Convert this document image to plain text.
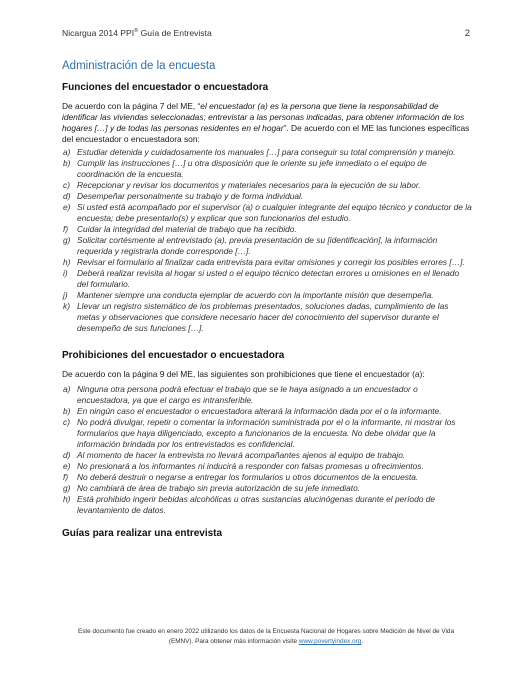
Nicargua 2014 PPI® Guía de Entrevista	2
Administración de la encuesta
Funciones del encuestador o encuestadora

De acuerdo con la página 7 del ME, “el encuestador (a) es la persona que tiene la responsabilidad de identificar las viviendas seleccionadas; entrevistar a las personas indicadas, para obtener información de los hogares […] y de todas las personas residentes en el hogar”. De acuerdo con el ME las funciones específicas del encuestador o encuestadora son:

a) Estudiar detenida y cuidadosamente los manuales […] para conseguir su total comprensión y manejo.
b) Cumplir las instrucciones […] u otra disposición que le oriente su jefe inmediato o el equipo de coordinación de la encuesta.
c) Recepcionar y revisar los documentos y materiales necesarios para la ejecución de su labor.
d) Desempeñar personalmente su trabajo y de forma individual.
e) Si usted está acompañado por el supervisor (a) o cualquier integrante del equipo técnico y conductor de la encuesta; debe presentarlo(s) y explicar que son funcionarios del estudio.
f)	Cuidar la integridad del material de trabajo que ha recibido.
g) Solicitar cortésmente al entrevistado (a), previa presentación de su [identificación], la información requerida y registrarla donde corresponde […].
h) Revisar el formulario al finalizar cada entrevista para evitar omisiones y corregir los posibles errores […].
i)	Deberá realizar revisita al hogar si usted o el equipo técnico detectan errores u omisiones en el llenado del formulario.
j)	Mantener siempre una conducta ejemplar de acuerdo con la importante misión que desempeña.
k) Llevar un registro sistemático de los problemas presentados, soluciones dadas, cumplimiento de las metas y observaciones que considere necesario hacer del conocimiento del supervisor durante el desempeño de sus funciones […].
Prohibiciones del encuestador o encuestadora

De acuerdo con la página 9 del ME, las siguientes son prohibiciones que tiene el encuestador (a):

a) Ninguna otra persona podrá efectuar el trabajo que se le haya asignado a un encuestador o encuestadora, ya que el cargo es intransferible.
b) En ningún caso el encuestador o encuestadora alterará la información dada por el o la informante.
c) No podrá divulgar, repetir o comentar la información suministrada por el o la informante, ni mostrar los formularios que haya diligenciado, excepto a funcionarios de la encuesta. No debe olvidar que la información brindada por los entrevistados es confidencial.
d) Al momento de hacer la entrevista no llevará acompañantes ajenos al equipo de trabajo.
e) No presionará a los informantes ni inducirá a responder con falsas promesas u ofrecimientos.
f)	No deberá destruir o negarse a entregar los formularios u otros documentos de la encuesta.
g) No cambiará de área de trabajo sin previa autorización de su jefe inmediato.
h) Está prohibido ingerir bebidas alcohólicas u otras sustancias alucinógenas durante el período de levantamiento de datos.
Guías para realizar una entrevista
Este documento fue creado en enero 2022 utilizando los datos de la Encuesta Nacional de Hogares sobre Medición de Nivel de Vida (EMNV). Para obtener más información visite www.povertyindex.org.
